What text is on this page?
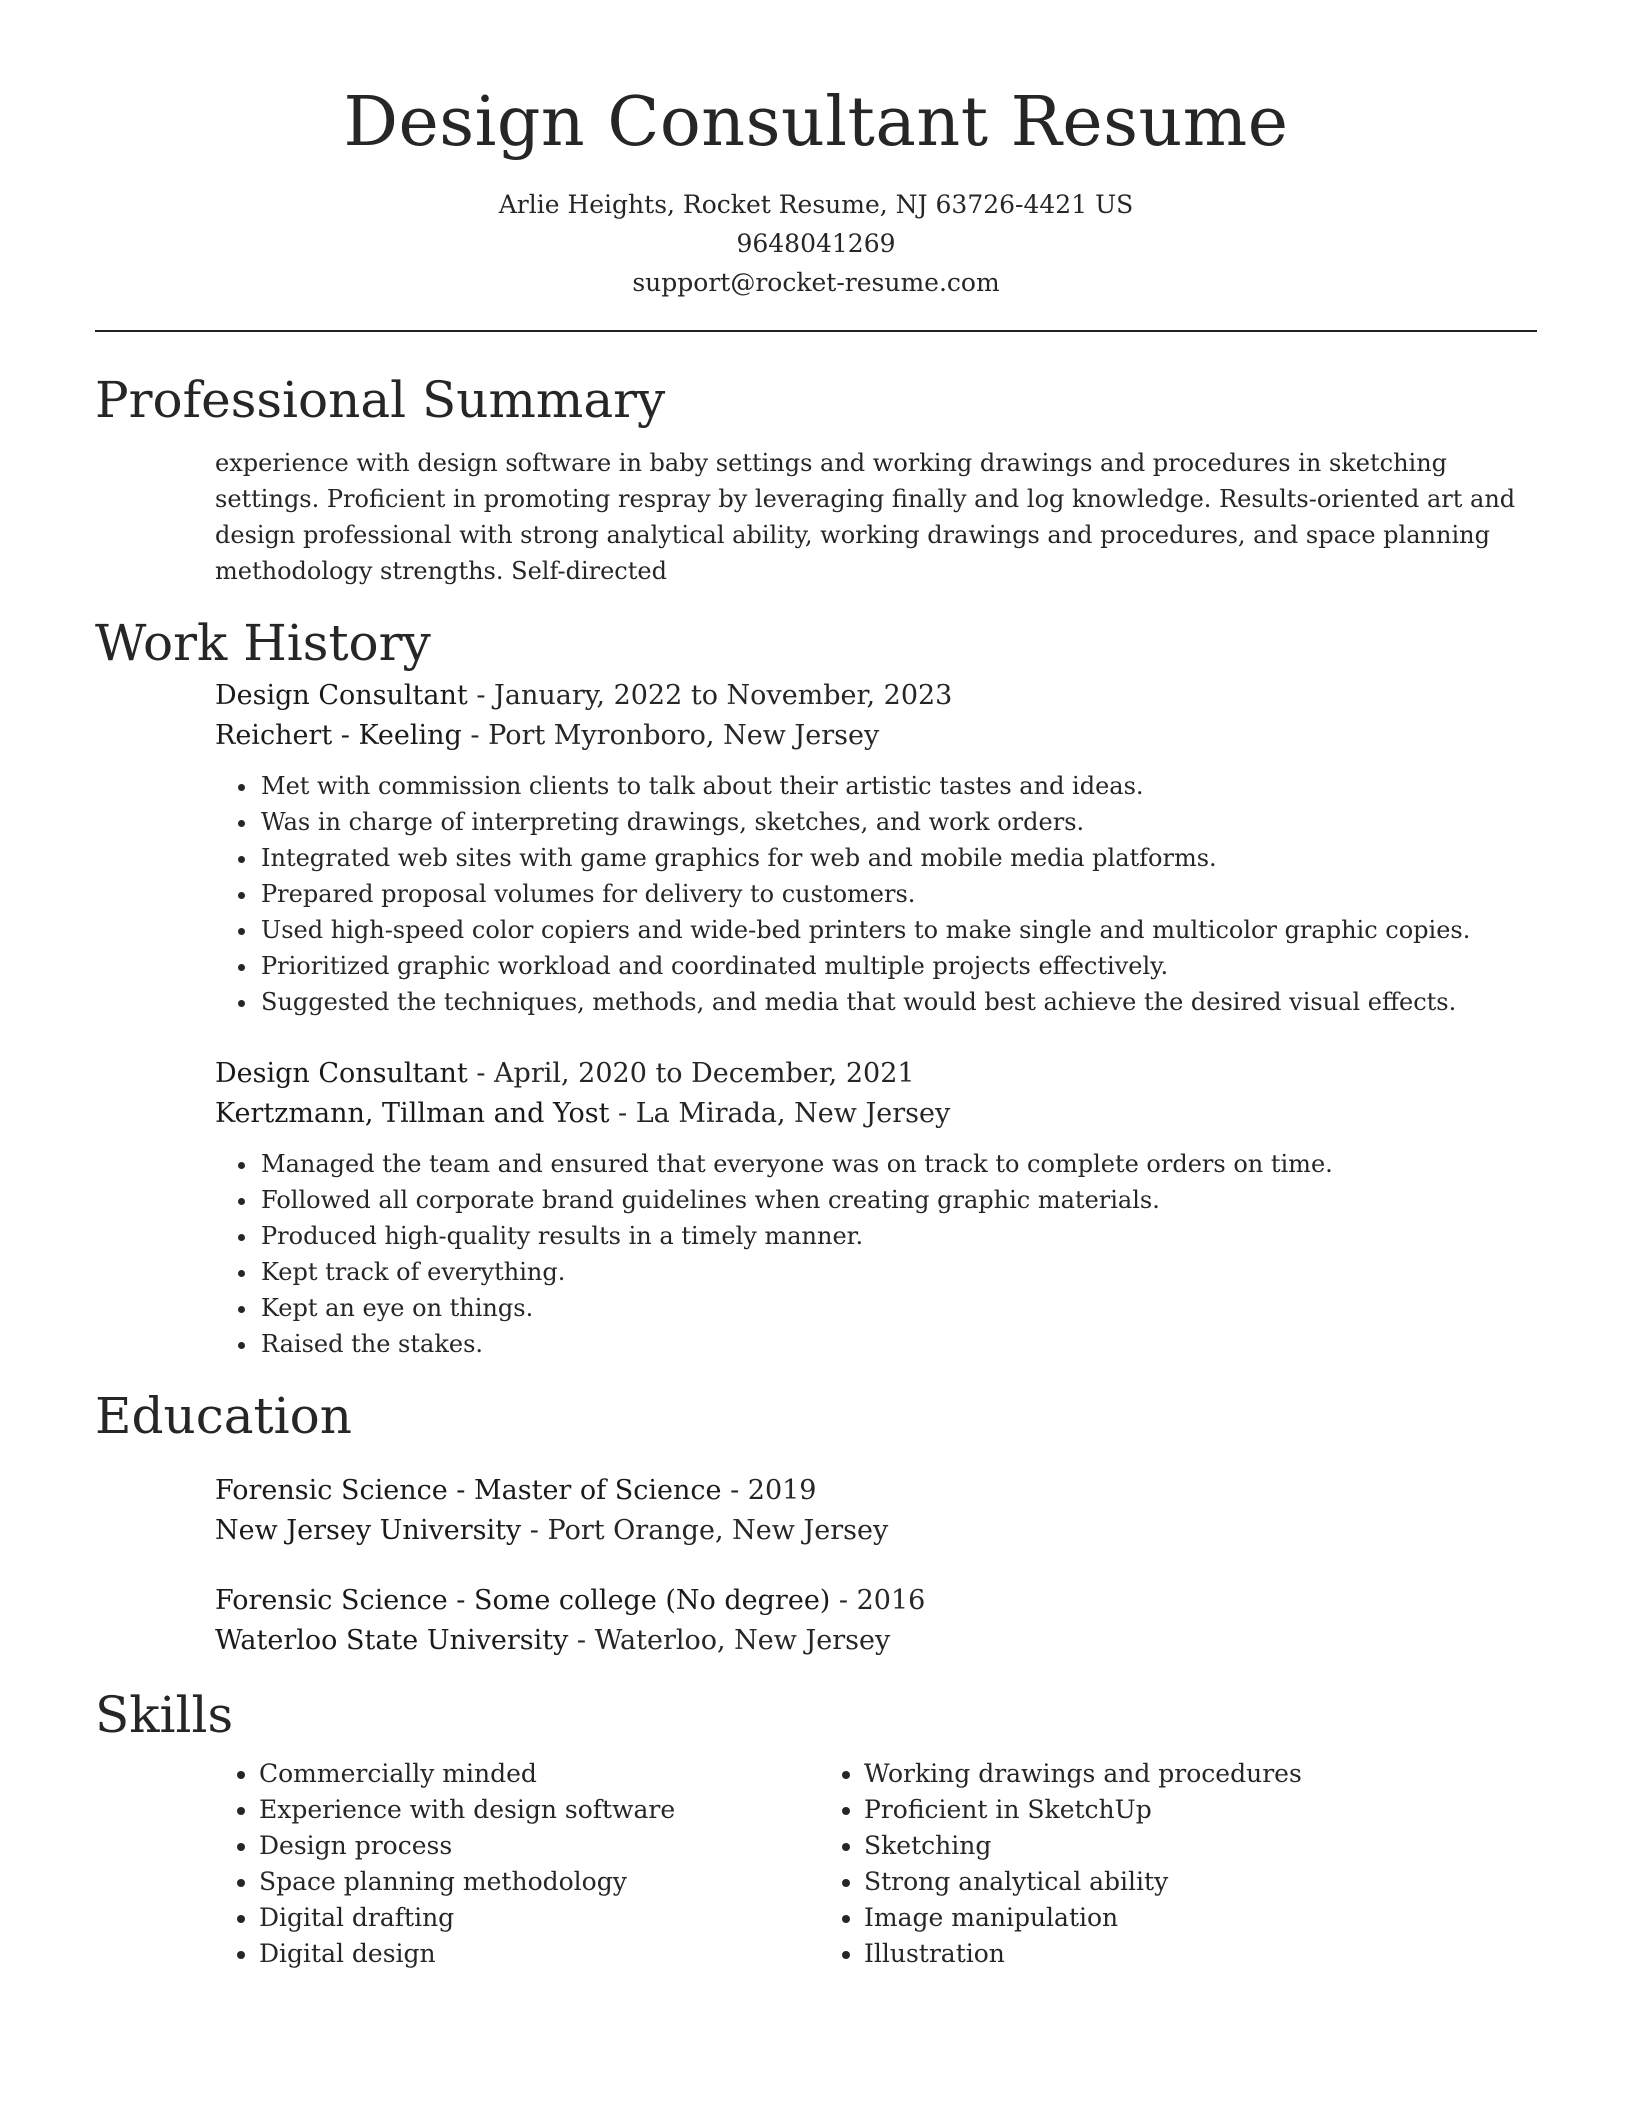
Design Consultant Resume
Arlie Heights, Rocket Resume, NJ 63726-4421 US
9648041269
support@rocket-resume.com
Professional Summary

experience with design software in baby settings and working drawings and procedures in sketching settings. Proficient in promoting respray by leveraging finally and log knowledge. Results-oriented art and design professional with strong analytical ability, working drawings and procedures, and space planning methodology strengths. Self-directed

Work History
Design Consultant - January, 2022 to November, 2023
Reichert - Keeling - Port Myronboro, New Jersey
• Met with commission clients to talk about their artistic tastes and ideas.
• Was in charge of interpreting drawings, sketches, and work orders.
• Integrated web sites with game graphics for web and mobile media platforms.
• Prepared proposal volumes for delivery to customers.
• Used high-speed color copiers and wide-bed printers to make single and multicolor graphic copies.
• Prioritized graphic workload and coordinated multiple projects effectively.
• Suggested the techniques, methods, and media that would best achieve the desired visual effects.
Design Consultant - April, 2020 to December, 2021
Kertzmann, Tillman and Yost - La Mirada, New Jersey
• Managed the team and ensured that everyone was on track to complete orders on time.
• Followed all corporate brand guidelines when creating graphic materials.
• Produced high-quality results in a timely manner.
• Kept track of everything.
• Kept an eye on things.
• Raised the stakes.
Education
Forensic Science - Master of Science - 2019
New Jersey University - Port Orange, New Jersey
Forensic Science - Some college (No degree) - 2016
Waterloo State University - Waterloo, New Jersey
Skills
• Commercially minded
• Experience with design software
• Design process
• Space planning methodology
• Digital drafting
• Digital design
• Working drawings and procedures
• Proficient in SketchUp
• Sketching
• Strong analytical ability
• Image manipulation
• Illustration
